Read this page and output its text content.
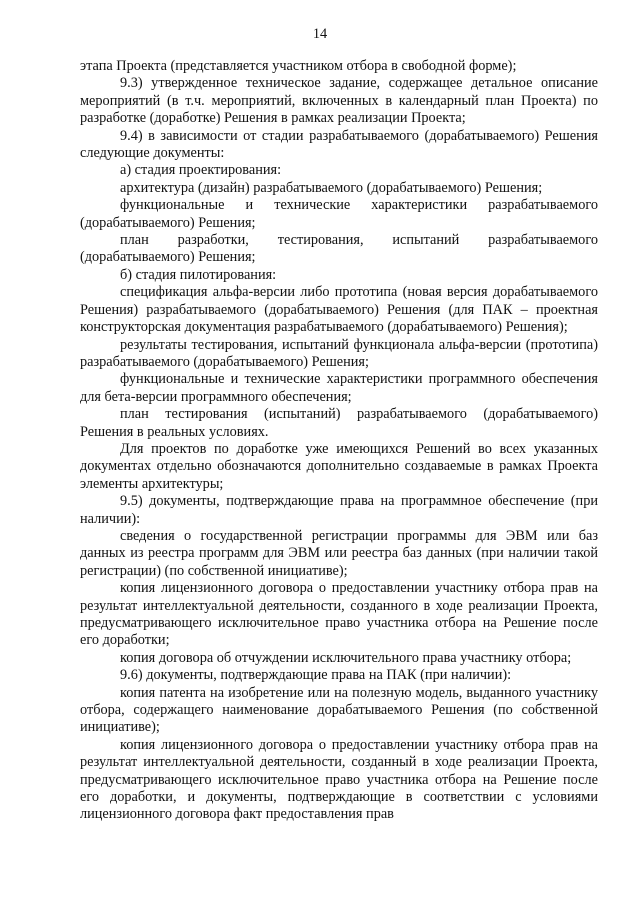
14

этапа Проекта (представляется участником отбора в свободной форме);

9.3) утвержденное техническое задание, содержащее детальное описание мероприятий (в т.ч. мероприятий, включенных в календарный план Проекта) по разработке (доработке) Решения в рамках реализации Проекта;

9.4) в зависимости от стадии разрабатываемого (дорабатываемого) Решения следующие документы:

а) стадия проектирования:

архитектура (дизайн) разрабатываемого (дорабатываемого) Решения;

функциональные и технические характеристики разрабатываемого (дорабатываемого) Решения;

план разработки, тестирования, испытаний разрабатываемого (дорабатываемого) Решения;

б) стадия пилотирования:

спецификация альфа-версии либо прототипа (новая версия дорабатываемого Решения) разрабатываемого (дорабатываемого) Решения (для ПАК – проектная конструкторская документация разрабатываемого (дорабатываемого) Решения);

результаты тестирования, испытаний функционала альфа-версии (прототипа) разрабатываемого (дорабатываемого) Решения;

функциональные и технические характеристики программного обеспечения для бета-версии программного обеспечения;

план тестирования (испытаний) разрабатываемого (дорабатываемого) Решения в реальных условиях.

Для проектов по доработке уже имеющихся Решений во всех указанных документах отдельно обозначаются дополнительно создаваемые в рамках Проекта элементы архитектуры;

9.5) документы, подтверждающие права на программное обеспечение (при наличии):

сведения о государственной регистрации программы для ЭВМ или баз данных из реестра программ для ЭВМ или реестра баз данных (при наличии такой регистрации) (по собственной инициативе);

копия лицензионного договора о предоставлении участнику отбора прав на результат интеллектуальной деятельности, созданного в ходе реализации Проекта, предусматривающего исключительное право участника отбора на Решение после его доработки;

копия договора об отчуждении исключительного права участнику отбора;

9.6) документы, подтверждающие права на ПАК (при наличии):

копия патента на изобретение или на полезную модель, выданного участнику отбора, содержащего наименование дорабатываемого Решения (по собственной инициативе);

копия лицензионного договора о предоставлении участнику отбора прав на результат интеллектуальной деятельности, созданный в ходе реализации Проекта, предусматривающего исключительное право участника отбора на Решение после его доработки, и документы, подтверждающие в соответствии с условиями лицензионного договора факт предоставления прав
